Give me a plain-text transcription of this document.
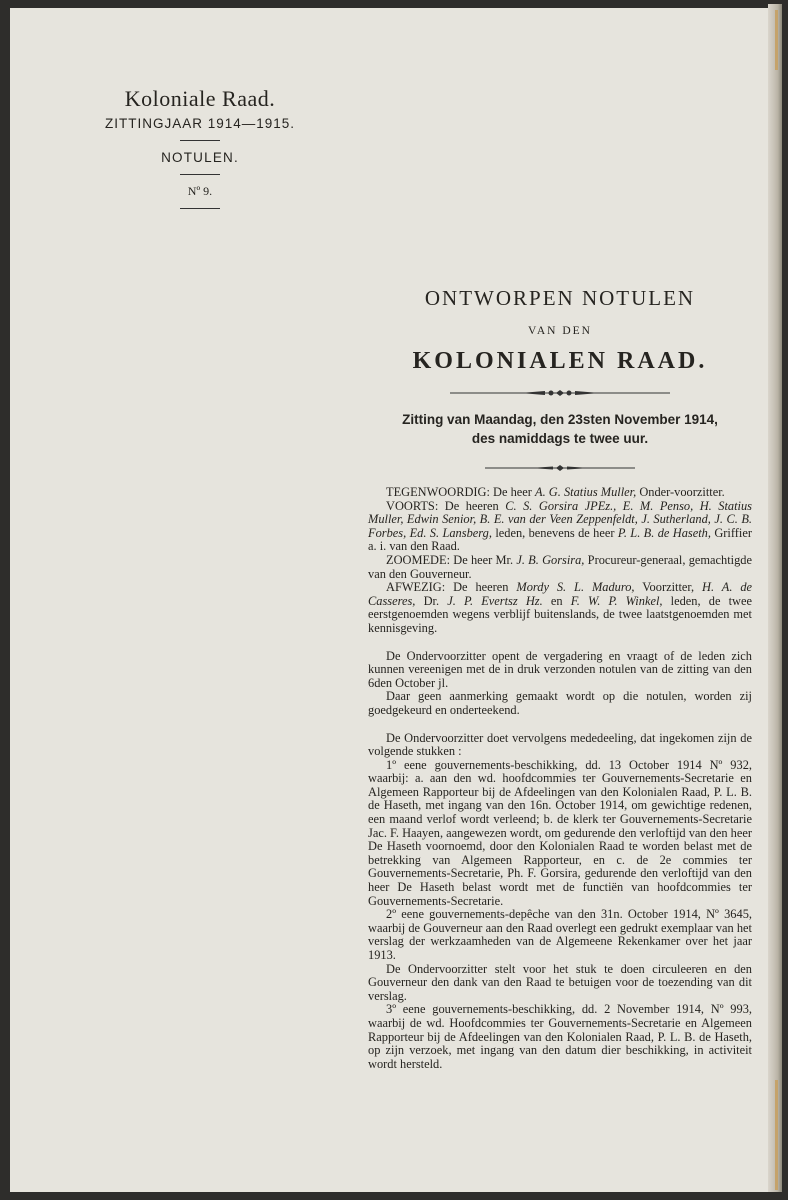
Koloniale Raad.
ZITTINGJAAR 1914—1915.
NOTULEN.
Nº 9.
ONTWORPEN NOTULEN
VAN DEN
KOLONIALEN RAAD.
Zitting van Maandag, den 23sten November 1914,
des namiddags te twee uur.

TEGENWOORDIG: De heer A. G. Statius Muller, Onder-voorzitter.

VOORTS: De heeren C. S. Gorsira JPEz., E. M. Penso, H. Statius Muller, Edwin Senior, B. E. van der Veen Zeppenfeldt, J. Sutherland, J. C. B. Forbes, Ed. S. Lansberg, leden, benevens de heer P. L. B. de Haseth, Griffier a. i. van den Raad.

ZOOMEDE: De heer Mr. J. B. Gorsira, Procureur-generaal, gemachtigde van den Gouverneur.

AFWEZIG: De heeren Mordy S. L. Maduro, Voorzitter, H. A. de Casseres, Dr. J. P. Evertsz Hz. en F. W. P. Winkel, leden, de twee eerstgenoemden wegens verblijf buitenslands, de twee laatstgenoemden met kennisgeving.

De Ondervoorzitter opent de vergadering en vraagt of de leden zich kunnen vereenigen met de in druk verzonden notulen van de zitting van den 6den October jl.

Daar geen aanmerking gemaakt wordt op die notulen, worden zij goedgekeurd en onderteekend.

De Ondervoorzitter doet vervolgens mededeeling, dat ingekomen zijn de volgende stukken :

1º eene gouvernements-beschikking, dd. 13 October 1914 Nº 932, waarbij: a. aan den wd. hoofdcommies ter Gouvernements-Secretarie en Algemeen Rapporteur bij de Afdeelingen van den Kolonialen Raad, P. L. B. de Haseth, met ingang van den 16n. October 1914, om gewichtige redenen, een maand verlof wordt verleend; b. de klerk ter Gouvernements-Secretarie Jac. F. Haayen, aangewezen wordt, om gedurende den verloftijd van den heer De Haseth voornoemd, door den Kolonialen Raad te worden belast met de betrekking van Algemeen Rapporteur, en c. de 2e commies ter Gouvernements-Secretarie, Ph. F. Gorsira, gedurende den verloftijd van den heer De Haseth belast wordt met de functiën van hoofdcommies ter Gouvernements-Secretarie.

2º eene gouvernements-depêche van den 31n. October 1914, Nº 3645, waarbij de Gouverneur aan den Raad overlegt een gedrukt exemplaar van het verslag der werkzaamheden van de Algemeene Rekenkamer over het jaar 1913.

De Ondervoorzitter stelt voor het stuk te doen circuleeren en den Gouverneur den dank van den Raad te betuigen voor de toezending van dit verslag.

3º eene gouvernements-beschikking, dd. 2 November 1914, Nº 993, waarbij de wd. Hoofdcommies ter Gouvernements-Secretarie en Algemeen Rapporteur bij de Afdeelingen van den Kolonialen Raad, P. L. B. de Haseth, op zijn verzoek, met ingang van den datum dier beschikking, in activiteit wordt hersteld.
